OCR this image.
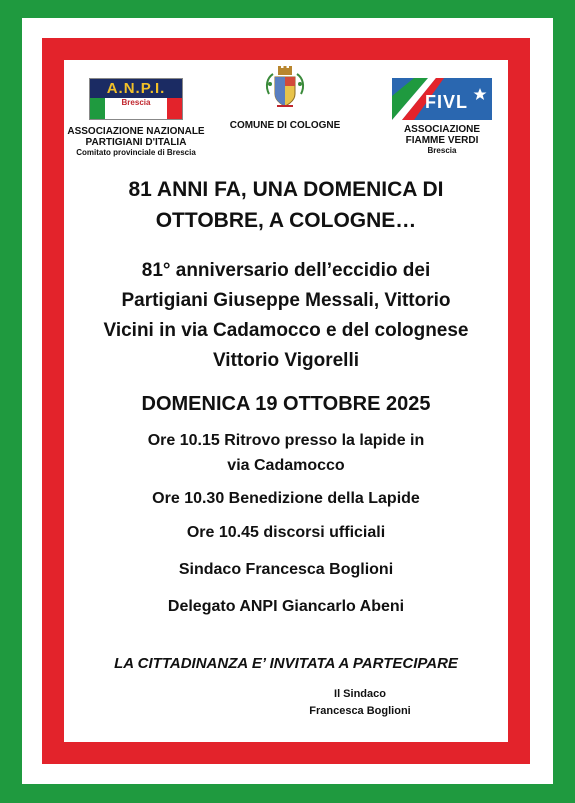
A.N.P.I.
Brescia
ASSOCIAZIONE NAZIONALE
PARTIGIANI D'ITALIA
Comitato provinciale di Brescia
COMUNE DI COLOGNE
FIVL
ASSOCIAZIONE
FIAMME VERDI
Brescia
81 ANNI FA, UNA DOMENICA DI
OTTOBRE, A COLOGNE…
81° anniversario dell’eccidio dei
Partigiani Giuseppe Messali, Vittorio
Vicini in via Cadamocco e del colognese
Vittorio Vigorelli
DOMENICA 19 OTTOBRE 2025
Ore 10.15 Ritrovo presso la lapide in
via Cadamocco
Ore 10.30 Benedizione della Lapide
Ore 10.45 discorsi ufficiali
Sindaco Francesca Boglioni
Delegato ANPI Giancarlo Abeni
LA CITTADINANZA E’ INVITATA A PARTECIPARE
Il Sindaco
Francesca Boglioni
